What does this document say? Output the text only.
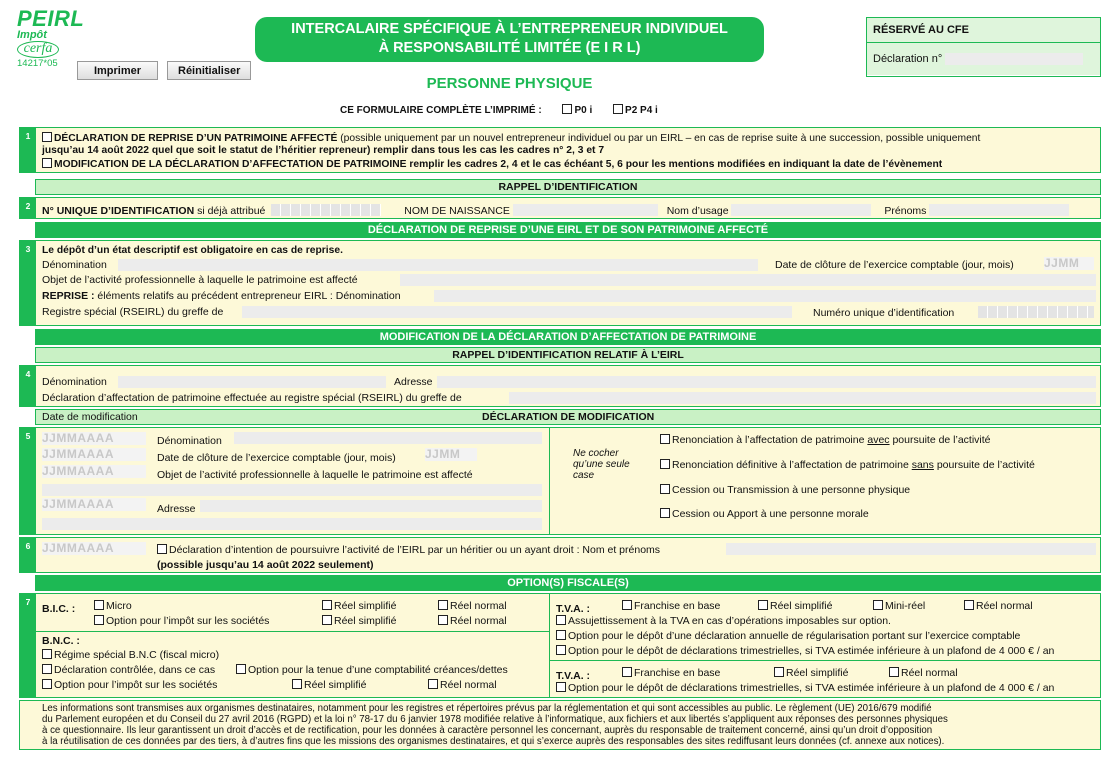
PEIRL
Impôt
cerfa
14217*05
Imprimer	Réinitialiser
INTERCALAIRE SPÉCIFIQUE À L’ENTREPRENEUR INDIVIDUEL
À RESPONSABILITÉ LIMITÉE (E I R L)
PERSONNE PHYSIQUE
CE FORMULAIRE COMPLÈTE L’IMPRIMÉ :	P0 i	P2 P4 i
RÉSERVÉ AU CFE
Déclaration n°
1	DÉCLARATION DE REPRISE D’UN PATRIMOINE AFFECTÉ (possible uniquement par un nouvel entrepreneur individuel ou par un EIRL – en cas de reprise suite à une succession, possible uniquement
jusqu’au 14 août 2022 quel que soit le statut de l’héritier repreneur) remplir dans tous les cas les cadres n° 2, 3 et 7
MODIFICATION DE LA DÉCLARATION D’AFFECTATION DE PATRIMOINE remplir les cadres 2, 4 et le cas échéant 5, 6 pour les mentions modifiées en indiquant la date de l’évènement
RAPPEL D’IDENTIFICATION
2	N° UNIQUE D’IDENTIFICATION si déjà attribué	NOM DE NAISSANCE	Nom d’usage	Prénoms
DÉCLARATION DE REPRISE D’UNE EIRL ET DE SON PATRIMOINE AFFECTÉ
3	Le dépôt d’un état descriptif est obligatoire en cas de reprise.
Dénomination	Date de clôture de l’exercice comptable (jour, mois)	JJMM
Objet de l’activité professionnelle à laquelle le patrimoine est affecté
REPRISE : éléments relatifs au précédent entrepreneur EIRL : Dénomination
Registre spécial (RSEIRL) du greffe de	Numéro unique d’identification
MODIFICATION DE LA DÉCLARATION D’AFFECTATION DE PATRIMOINE
RAPPEL D’IDENTIFICATION RELATIF À L’EIRL
4
Dénomination	Adresse
Déclaration d’affectation de patrimoine effectuée au registre spécial (RSEIRL) du greffe de
Date de modification	DÉCLARATION DE MODIFICATION
5 JJMMAAAA	Dénomination
JJMMAAAA	Date de clôture de l’exercice comptable (jour, mois) JJMM
JJMMAAAA	Objet de l’activité professionnelle à laquelle le patrimoine est affecté
JJMMAAAA	Adresse
Ne cocher
qu’une seule
case
Renonciation à l’affectation de patrimoine avec poursuite de l’activité
Renonciation définitive à l’affectation de patrimoine sans poursuite de l’activité
Cession ou Transmission à une personne physique
Cession ou Apport à une personne morale
6 JJMMAAAA	Déclaration d’intention de poursuivre l’activité de l’EIRL par un héritier ou un ayant droit : Nom et prénoms
(possible jusqu’au 14 août 2022 seulement)
OPTION(S) FISCALE(S)
7
B.I.C. :	Micro	Réel simplifié	Réel normal
Option pour l’impôt sur les sociétés	Réel simplifié	Réel normal
B.N.C. :
Régime spécial B.N.C (fiscal micro)
Déclaration contrôlée, dans ce cas	Option pour la tenue d’une comptabilité créances/dettes
Option pour l’impôt sur les sociétés	Réel simplifié	Réel normal
T.V.A. :	Franchise en base	Réel simplifié	Mini-réel	Réel normal
Assujettissement à la TVA en cas d’opérations imposables sur option.
Option pour le dépôt d’une déclaration annuelle de régularisation portant sur l’exercice comptable
Option pour le dépôt de déclarations trimestrielles, si TVA estimée inférieure à un plafond de 4 000 € / an
T.V.A. :	Franchise en base	Réel simplifié	Réel normal
Option pour le dépôt de déclarations trimestrielles, si TVA estimée inférieure à un plafond de 4 000 € / an
Les informations sont transmises aux organismes destinataires, notamment pour les registres et répertoires prévus par la réglementation et qui sont accessibles au public. Le règlement (UE) 2016/679 modifié
du Parlement européen et du Conseil du 27 avril 2016 (RGPD) et la loi n° 78-17 du 6 janvier 1978 modifiée relative à l’informatique, aux fichiers et aux libertés s’appliquent aux réponses des personnes physiques
à ce questionnaire. Ils leur garantissent un droit d’accès et de rectification, pour les données à caractère personnel les concernant, auprès du responsable de traitement concerné, ainsi qu’un droit d’opposition
à la réutilisation de ces données par des tiers, à d’autres fins que les missions des organismes destinataires, et qui s’exerce auprès des responsables des sites rediffusant leurs données (cf. annexe aux notices).
